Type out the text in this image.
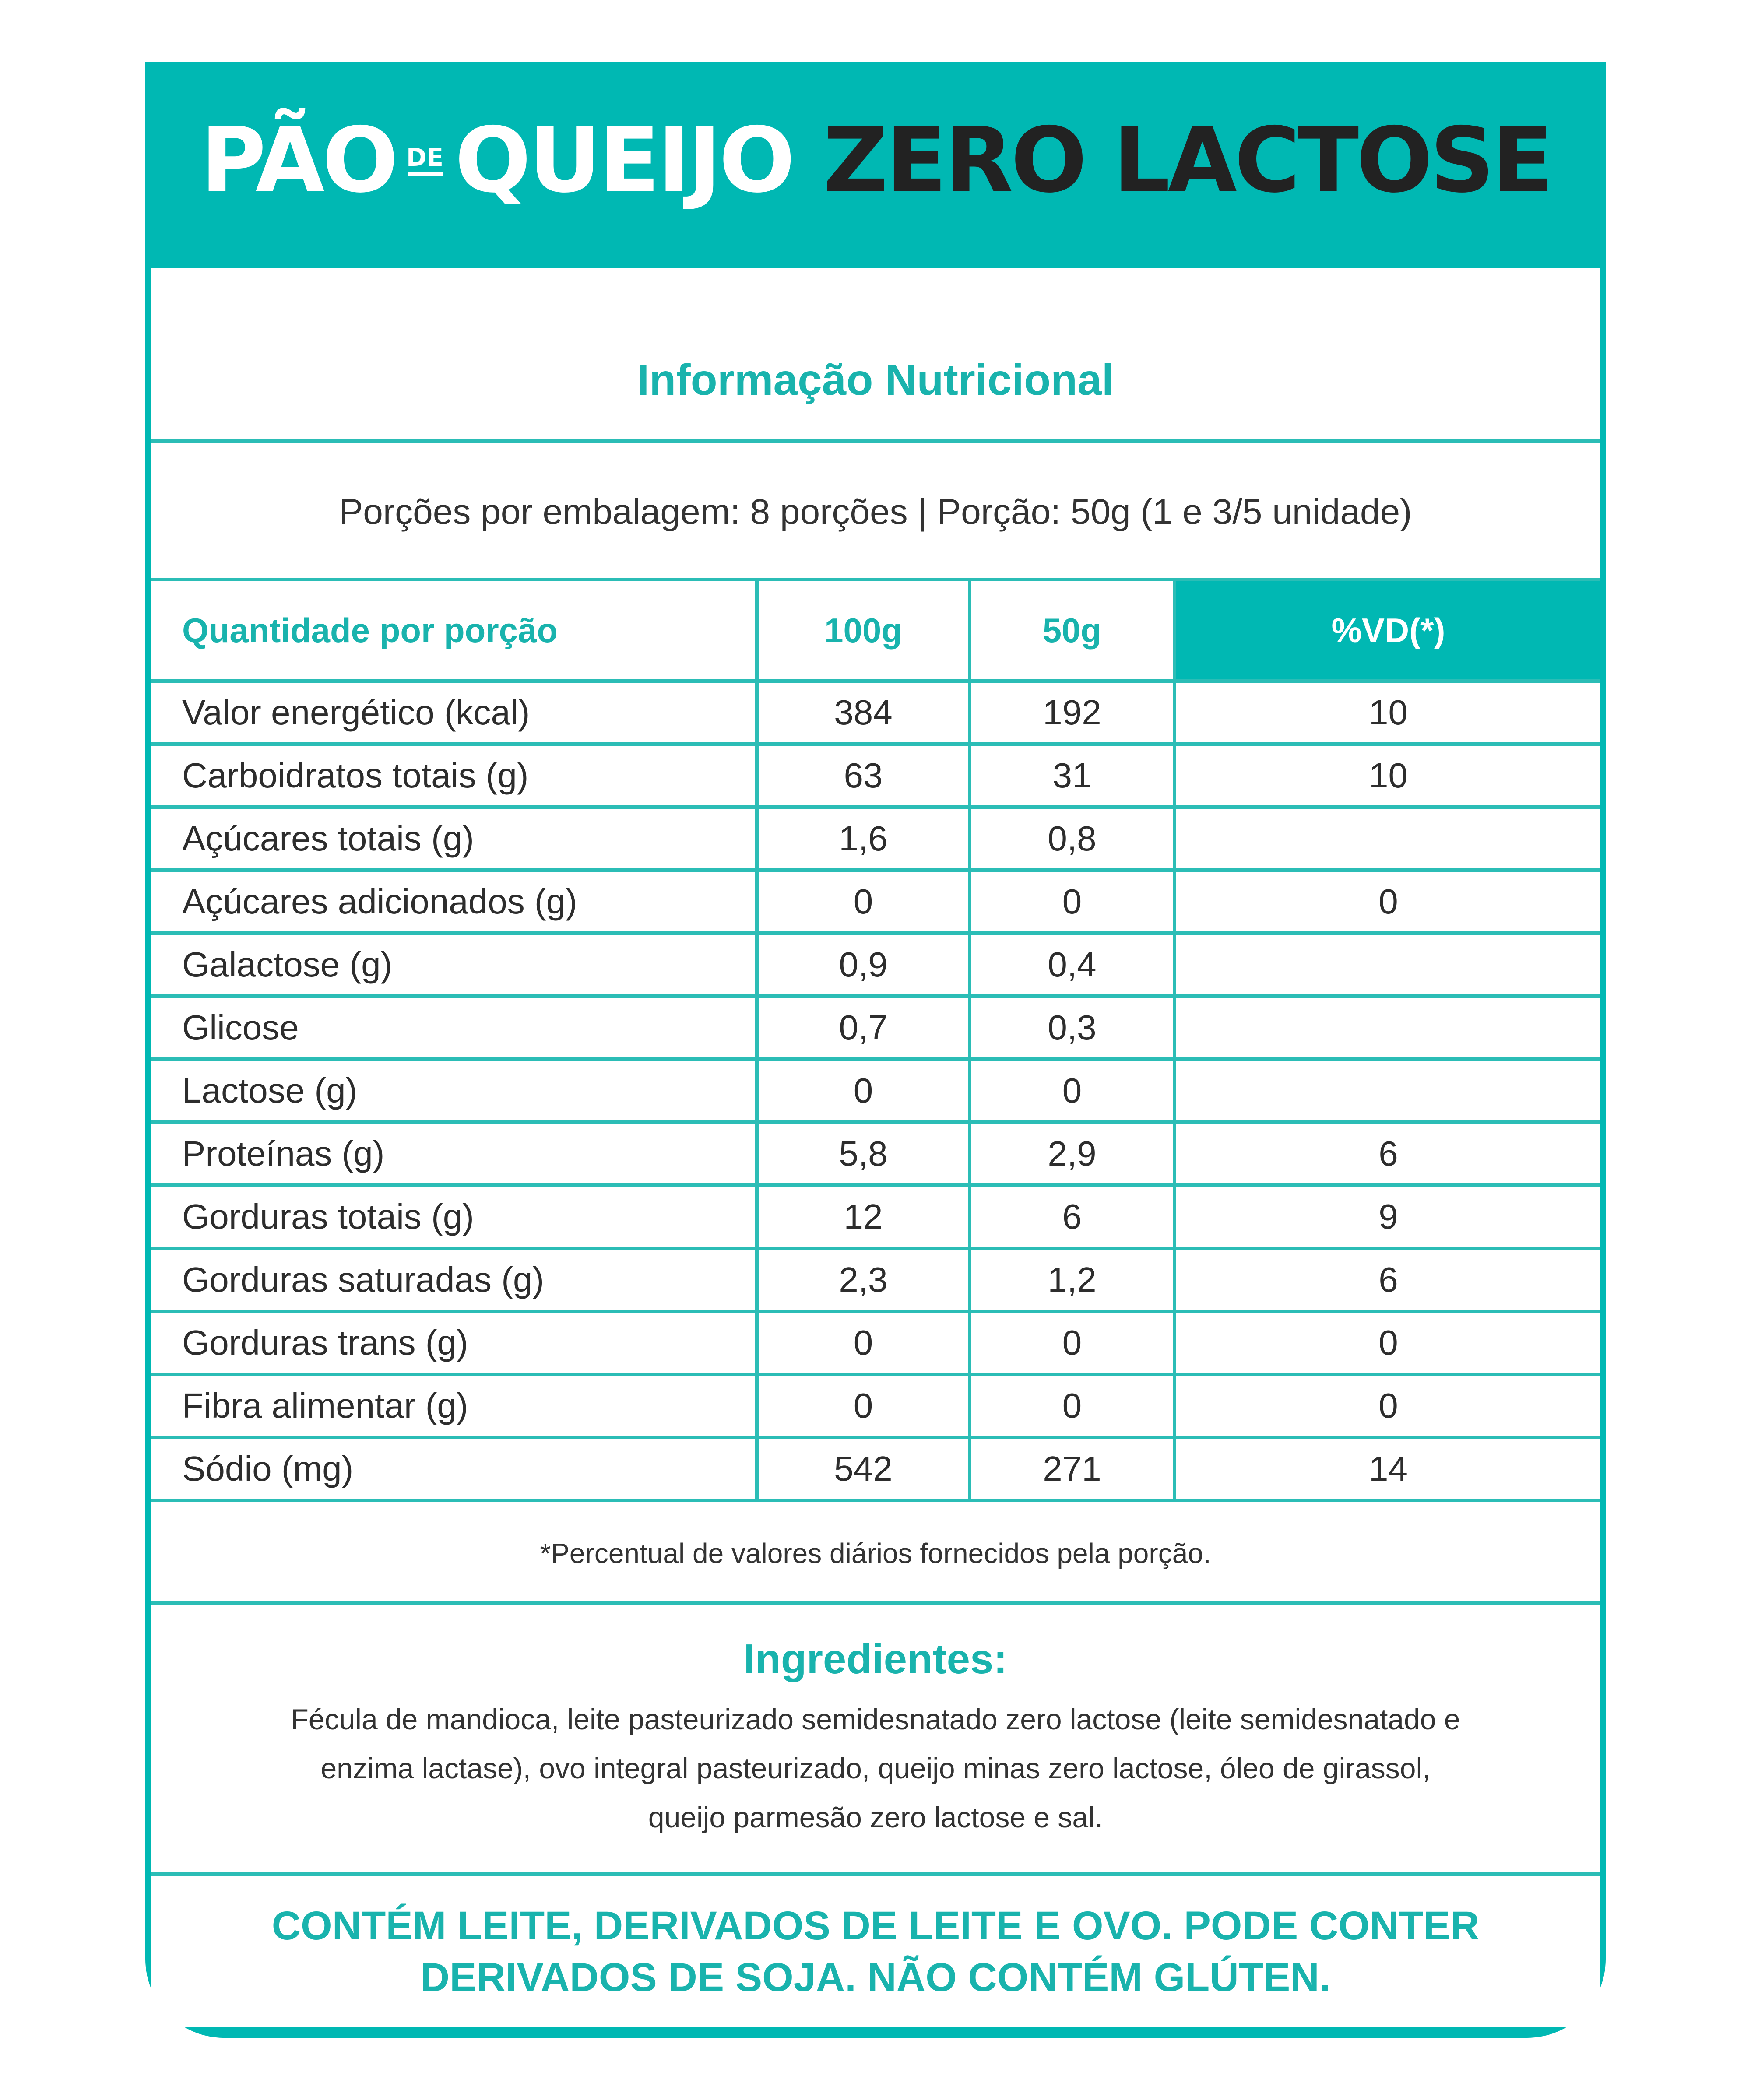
PÃO DE QUEIJO ZERO LACTOSE
Informação Nutricional
Porções por embalagem: 8 porções | Porção: 50g (1 e 3/5 unidade)
Quantidade por porção	100g	50g	%VD(*)
Valor energético (kcal)	384	192	10
Carboidratos totais (g)	63	31	10
Açúcares totais (g)	1,6	0,8
Açúcares adicionados (g)	0	0	0
Galactose (g)	0,9	0,4
Glicose	0,7	0,3
Lactose (g)	0	0
Proteínas (g)	5,8	2,9	6
Gorduras totais (g)	12	6	9
Gorduras saturadas (g)	2,3	1,2	6
Gorduras trans (g)	0	0	0
Fibra alimentar (g)	0	0	0
Sódio (mg)	542	271	14
*Percentual de valores diários fornecidos pela porção.
Ingredientes:
Fécula de mandioca, leite pasteurizado semidesnatado zero lactose (leite semidesnatado e
enzima lactase), ovo integral pasteurizado, queijo minas zero lactose, óleo de girassol,
queijo parmesão zero lactose e sal.
CONTÉM LEITE, DERIVADOS DE LEITE E OVO. PODE CONTER
DERIVADOS DE SOJA. NÃO CONTÉM GLÚTEN.
